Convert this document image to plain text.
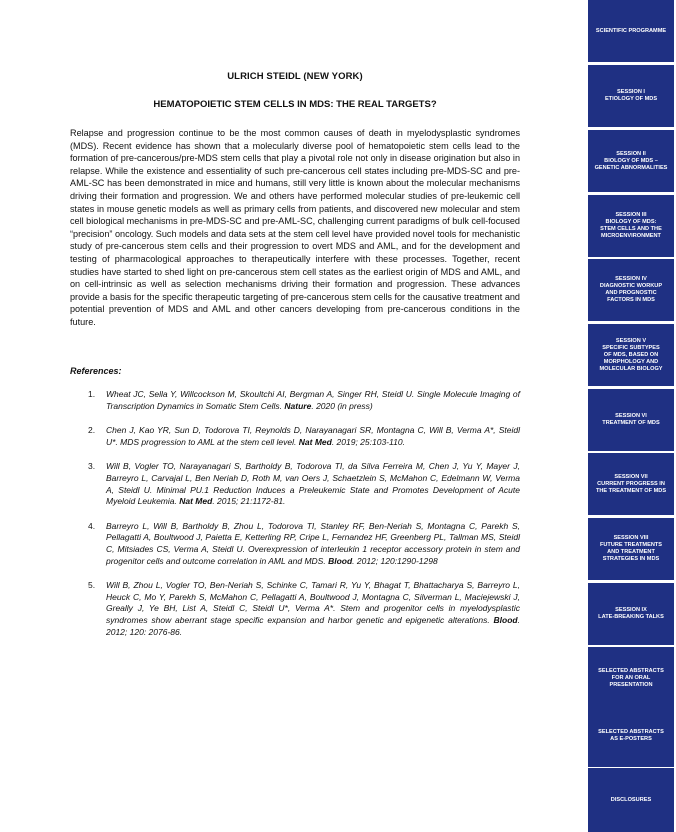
ULRICH STEIDL (NEW YORK)
HEMATOPOIETIC STEM CELLS IN MDS: THE REAL TARGETS?
Relapse and progression continue to be the most common causes of death in myelodysplastic syndromes (MDS). Recent evidence has shown that a molecularly diverse pool of hematopoietic stem cells lead to the formation of pre-cancerous/pre-MDS stem cells that play a pivotal role not only in disease origination but also in relapse. While the existence and essentiality of such pre-cancerous cell states including pre-MDS-SC and pre-AML-SC has been demonstrated in mice and humans, still very little is known about the molecular mechanisms driving their formation and progression. We and others have performed molecular studies of pre-leukemic cell states in mouse genetic models as well as primary cells from patients, and discovered new molecular and stem cell biological mechanisms in pre-MDS-SC and pre-AML-SC, challenging current paradigms of bulk cell-focused “precision” oncology. Such models and data sets at the stem cell level have provided novel tools for mechanistic study of pre-cancerous stem cells and their progression to overt MDS and AML, and for the development and testing of pharmacological approaches to therapeutically interfere with these processes. Together, recent studies have started to shed light on pre-cancerous stem cell states as the earliest origin of MDS and AML, and on cell-intrinsic as well as selection mechanisms driving their formation and progression. These advances provide a basis for the specific therapeutic targeting of pre-cancerous stem cells for the causative treatment and potential prevention of MDS and AML and other cancers developing from pre-cancerous conditions in the future.
References:
1. Wheat JC, Sella Y, Willcockson M, Skoultchi AI, Bergman A, Singer RH, Steidl U. Single Molecule Imaging of Transcription Dynamics in Somatic Stem Cells. Nature. 2020 (in press)
2. Chen J, Kao YR, Sun D, Todorova TI, Reynolds D, Narayanagari SR, Montagna C, Will B, Verma A*, Steidl U*. MDS progression to AML at the stem cell level. Nat Med. 2019; 25:103-110.
3. Will B, Vogler TO, Narayanagari S, Bartholdy B, Todorova TI, da Silva Ferreira M, Chen J, Yu Y, Mayer J, Barreyro L, Carvajal L, Ben Neriah D, Roth M, van Oers J, Schaetzlein S, McMahon C, Edelmann W, Verma A, Steidl U. Minimal PU.1 Reduction Induces a Preleukemic State and Promotes Development of Acute Myeloid Leukemia. Nat Med. 2015; 21:1172-81.
4. Barreyro L, Will B, Bartholdy B, Zhou L, Todorova TI, Stanley RF, Ben-Neriah S, Montagna C, Parekh S, Pellagatti A, Boultwood J, Paietta E, Ketterling RP, Cripe L, Fernandez HF, Greenberg PL, Tallman MS, Steidl C, Mitsiades CS, Verma A, Steidl U. Overexpression of interleukin 1 receptor accessory protein in stem and progenitor cells and outcome correlation in AML and MDS. Blood. 2012; 120:1290-1298
5. Will B, Zhou L, Vogler TO, Ben-Neriah S, Schinke C, Tamari R, Yu Y, Bhagat T, Bhattacharya S, Barreyro L, Heuck C, Mo Y, Parekh S, McMahon C, Pellagatti A, Boultwood J, Montagna C, Silverman L, Maciejewski J, Greally J, Ye BH, List A, Steidl C, Steidl U*, Verma A*. Stem and progenitor cells in myelodysplastic syndromes show aberrant stage specific expansion and harbor genetic and epigenetic alterations. Blood. 2012; 120: 2076-86.
SCIENTIFIC PROGRAMME
SESSION I
ETIOLOGY OF MDS
SESSION II
BIOLOGY OF MDS –
GENETIC ABNORMALITIES
SESSION III
BIOLOGY OF MDS:
STEM CELLS AND THE
MICROENVIRONMENT
SESSION IV
DIAGNOSTIC WORKUP
AND PROGNOSTIC
FACTORS IN MDS
SESSION V
SPECIFIC SUBTYPES
OF MDS, BASED ON
MORPHOLOGY AND
MOLECULAR BIOLOGY
SESSION VI
TREATMENT OF MDS
SESSION VII
CURRENT PROGRESS IN
THE TREATMENT OF MDS
SESSION VIII
FUTURE TREATMENTS
AND TREATMENT
STRATEGIES IN MDS
SESSION IX
LATE-BREAKING TALKS
SELECTED ABSTRACTS
FOR AN ORAL
PRESENTATION
SELECTED ABSTRACTS
AS E-POSTERS
DISCLOSURES
